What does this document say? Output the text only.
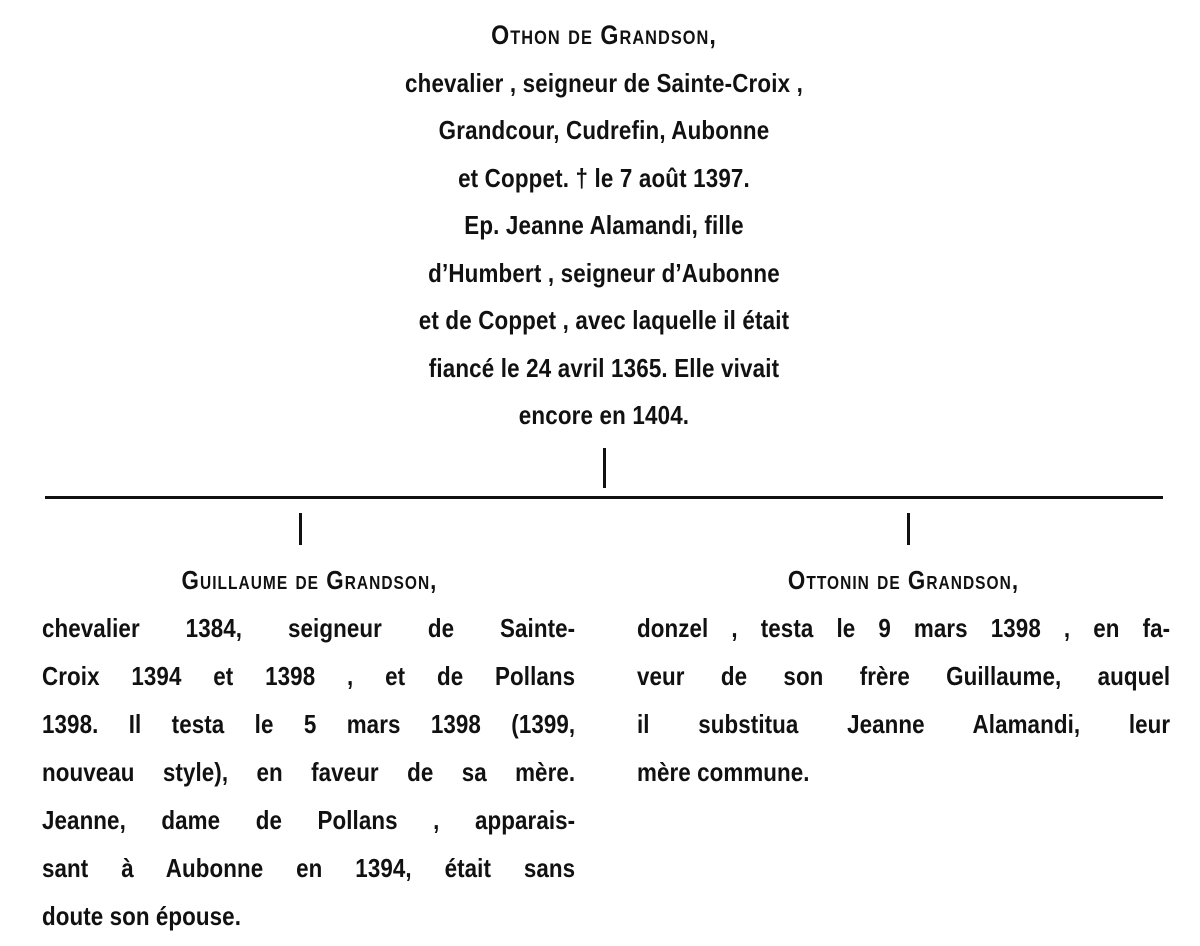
Othon de Grandson,
chevalier , seigneur de Sainte-Croix ,
Grandcour, Cudrefin, Aubonne
et Coppet. † le 7 août 1397.
Ep. Jeanne Alamandi, fille
d’Humbert , seigneur d’Aubonne
et de Coppet , avec laquelle il était
fiancé le 24 avril 1365. Elle vivait
encore en 1404.
Guillaume de Grandson,
chevalier 1384, seigneur de Sainte-
Croix 1394 et 1398 , et de Pollans
1398. Il testa le 5 mars 1398 (1399,
nouveau style), en faveur de sa mère.
Jeanne, dame de Pollans , apparais-
sant à Aubonne en 1394, était sans
doute son épouse.
Ottonin de Grandson,
donzel , testa le 9 mars 1398 , en fa-
veur de son frère Guillaume, auquel
il substitua Jeanne Alamandi, leur
mère commune.
